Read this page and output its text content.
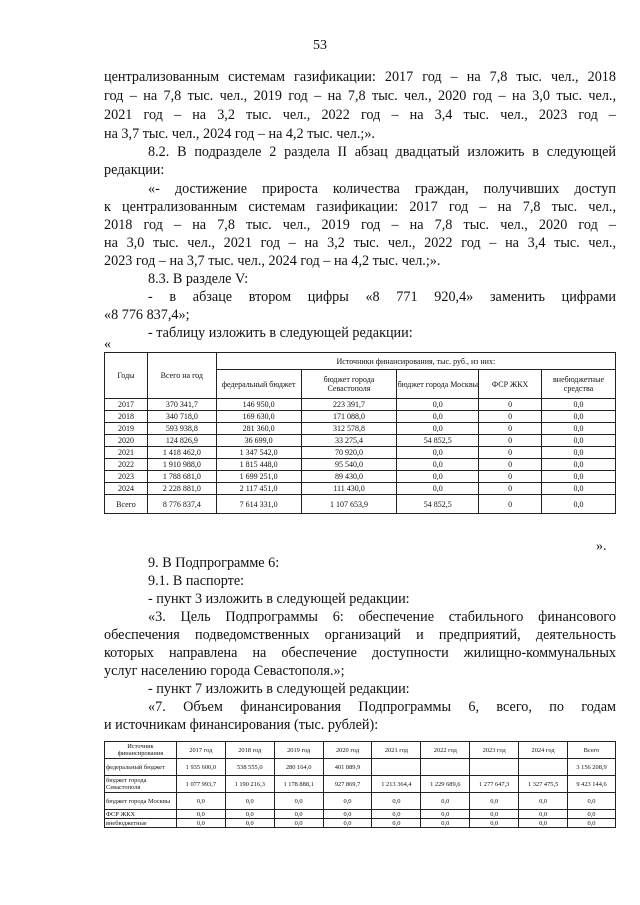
53
централизованным системам газификации: 2017 год – на 7,8 тыс. чел., 2018
год – на 7,8 тыс. чел., 2019 год – на 7,8 тыс. чел., 2020 год – на 3,0 тыс. чел.,
2021 год – на 3,2 тыс. чел., 2022 год – на 3,4 тыс. чел., 2023 год –
на 3,7 тыс. чел., 2024 год – на 4,2 тыс. чел.;».
8.2. В подразделе 2 раздела II абзац двадцатый изложить в следующей
редакции:
«- достижение прироста количества граждан, получивших доступ
к централизованным системам газификации: 2017 год – на 7,8 тыс. чел.,
2018 год – на 7,8 тыс. чел., 2019 год – на 7,8 тыс. чел., 2020 год –
на 3,0 тыс. чел., 2021 год – на 3,2 тыс. чел., 2022 год – на 3,4 тыс. чел.,
2023 год – на 3,7 тыс. чел., 2024 год – на 4,2 тыс. чел.;».
8.3. В разделе V:
- в абзаце втором цифры «8 771 920,4» заменить цифрами
«8 776 837,4»;
- таблицу изложить в следующей редакции:
«
Годы	Всего на год	Источники финансирования, тыс. руб., из них:				
		федеральный бюджет	бюджет города Севастополя	бюджет города Москвы	ФСР ЖКХ	внебюджетные средства
2017	370 341,7	146 950,0	223 391,7	0,0	0	0,0
2018	340 718,0	169 630,0	171 088,0	0,0	0	0,0
2019	593 938,8	281 360,0	312 578,8	0,0	0	0,0
2020	124 826,9	36 699,0	33 275,4	54 852,5	0	0,0
2021	1 418 462,0	1 347 542,0	70 920,0	0,0	0	0,0
2022	1 910 988,0	1 815 448,0	95 540,0	0,0	0	0,0
2023	1 788 681,0	1 699 251,0	89 430,0	0,0	0	0,0
2024	2 228 881,0	2 117 451,0	111 430,0	0,0	0	0,0
Всего	8 776 837,4	7 614 331,0	1 107 653,9	54 852,5	0	0,0
».
9. В Подпрограмме 6:
9.1. В паспорте:
- пункт 3 изложить в следующей редакции:
«3. Цель Подпрограммы 6: обеспечение стабильного финансового
обеспечения подведомственных организаций и предприятий, деятельность
которых направлена на обеспечение доступности жилищно-коммунальных
услуг населению города Севастополя.»;
- пункт 7 изложить в следующей редакции:
«7. Объем финансирования Подпрограммы 6, всего, по годам
и источникам финансирования (тыс. рублей):
Источник финансирования	2017 год	2018 год	2019 год	2020 год	2021 год	2022 год	2023 год	2024 год	Всего
федеральный бюджет	1 935 600,0	538 555,0	280 164,0	401 889,9					3 156 208,9
бюджет города Севастополя	1 077 993,7	1 190 216,3	1 178 888,1	927 869,7	1 213 364,4	1 229 689,6	1 277 647,3	1 327 475,5	9 423 144,6
бюджет города Москвы	0,0	0,0	0,0	0,0	0,0	0,0	0,0	0,0	0,0
ФСР ЖКХ	0,0	0,0	0,0	0,0	0,0	0,0	0,0	0,0	0,0
внебюджетные	0,0	0,0	0,0	0,0	0,0	0,0	0,0	0,0	0,0
